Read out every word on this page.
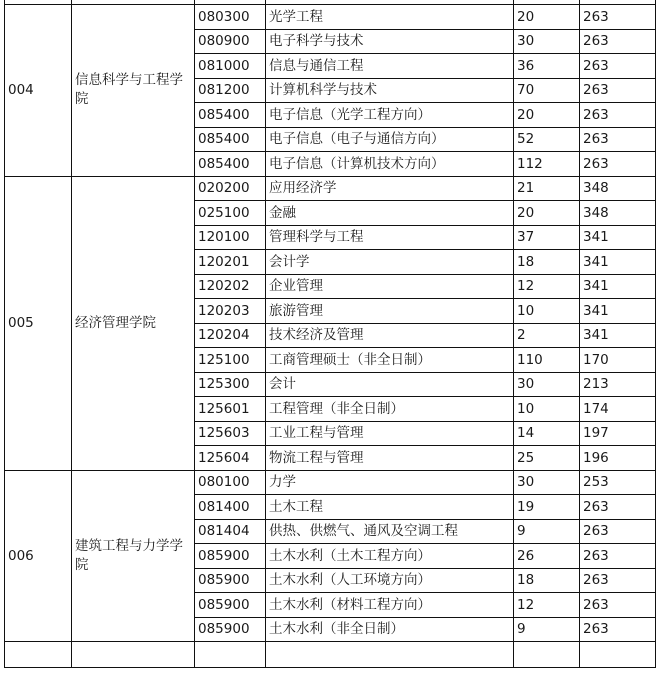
004	信息科学与工程学院	080300	光学工程	20	263
		080900	电子科学与技术	30	263
		081000	信息与通信工程	36	263
		081200	计算机科学与技术	70	263
		085400	电子信息（光学工程方向）	20	263
		085400	电子信息（电子与通信方向）	52	263
		085400	电子信息（计算机技术方向）	112	263
005	经济管理学院	020200	应用经济学	21	348
		025100	金融	20	348
		120100	管理科学与工程	37	341
		120201	会计学	18	341
		120202	企业管理	12	341
		120203	旅游管理	10	341
		120204	技术经济及管理	2	341
		125100	工商管理硕士（非全日制）	110	170
		125300	会计	30	213
		125601	工程管理（非全日制）	10	174
		125603	工业工程与管理	14	197
		125604	物流工程与管理	25	196
006	建筑工程与力学学院	080100	力学	30	253
		081400	土木工程	19	263
		081404	供热、供燃气、通风及空调工程	9	263
		085900	土木水利（土木工程方向）	26	263
		085900	土木水利（人工环境方向）	18	263
		085900	土木水利（材料工程方向）	12	263
		085900	土木水利（非全日制）	9	263
